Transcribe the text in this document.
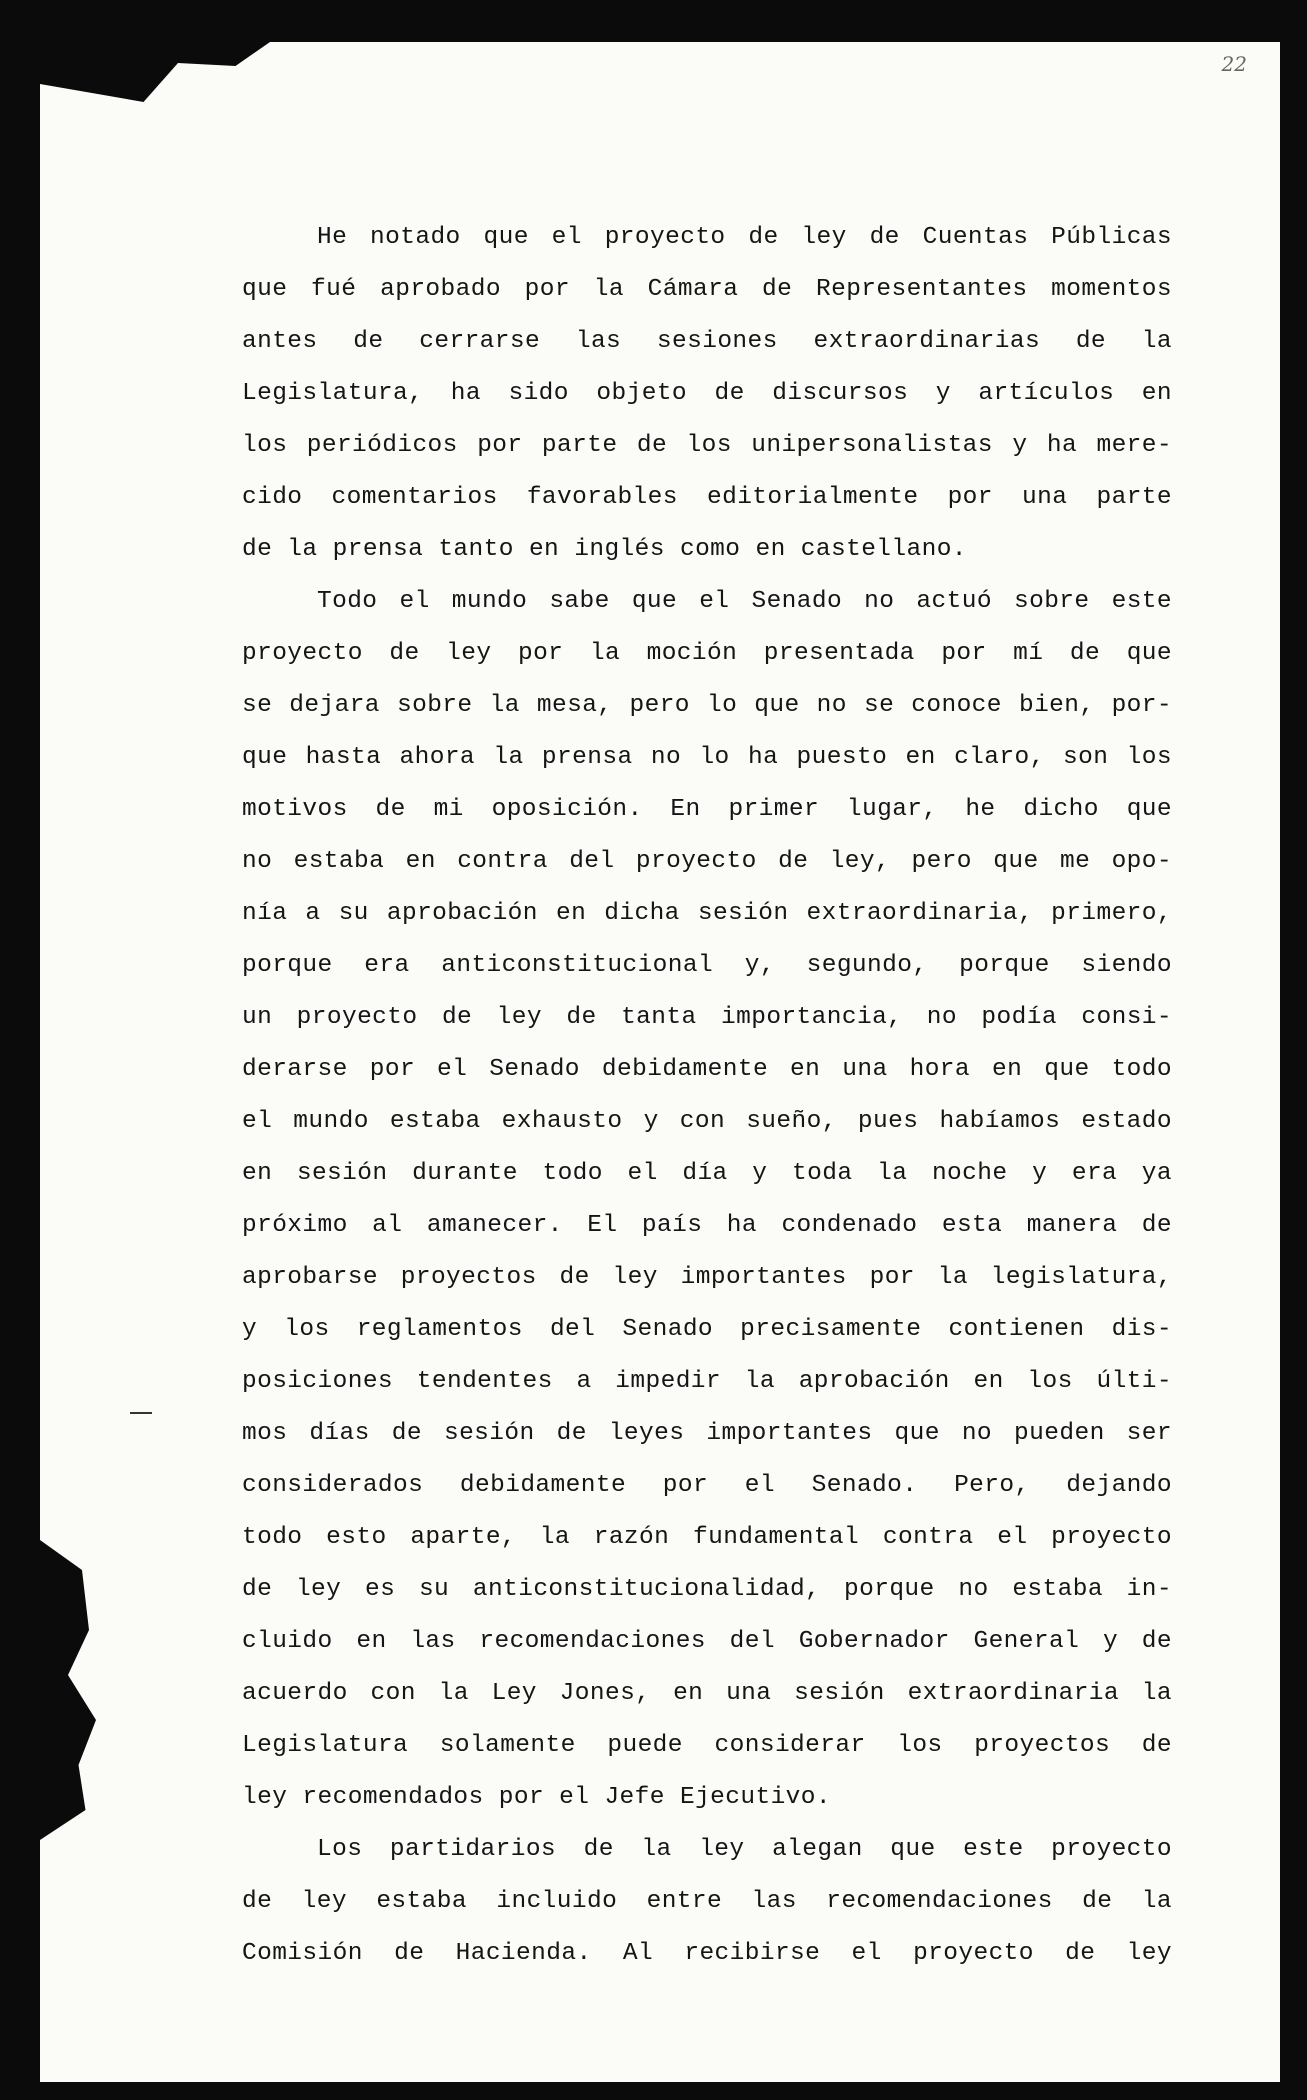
22
He notado que el proyecto de ley de Cuentas Públicas
que fué aprobado por la Cámara de Representantes momentos
antes de cerrarse las sesiones extraordinarias de la
Legislatura, ha sido objeto de discursos y artículos en
los periódicos por parte de los unipersonalistas y ha mere-
cido comentarios favorables editorialmente por una parte
de la prensa tanto en inglés como en castellano.
Todo el mundo sabe que el Senado no actuó sobre este
proyecto de ley por la moción presentada por mí de que
se dejara sobre la mesa, pero lo que no se conoce bien, por-
que hasta ahora la prensa no lo ha puesto en claro, son los
motivos de mi oposición. En primer lugar, he dicho que
no estaba en contra del proyecto de ley, pero que me opo-
nía a su aprobación en dicha sesión extraordinaria, primero,
porque era anticonstitucional y, segundo, porque siendo
un proyecto de ley de tanta importancia, no podía consi-
derarse por el Senado debidamente en una hora en que todo
el mundo estaba exhausto y con sueño, pues habíamos estado
en sesión durante todo el día y toda la noche y era ya
próximo al amanecer. El país ha condenado esta manera de
aprobarse proyectos de ley importantes por la legislatura,
y los reglamentos del Senado precisamente contienen dis-
posiciones tendentes a impedir la aprobación en los últi-
mos días de sesión de leyes importantes que no pueden ser
considerados debidamente por el Senado. Pero, dejando
todo esto aparte, la razón fundamental contra el proyecto
de ley es su anticonstitucionalidad, porque no estaba in-
cluido en las recomendaciones del Gobernador General y de
acuerdo con la Ley Jones, en una sesión extraordinaria la
Legislatura solamente puede considerar los proyectos de
ley recomendados por el Jefe Ejecutivo.
Los partidarios de la ley alegan que este proyecto
de ley estaba incluido entre las recomendaciones de la
Comisión de Hacienda. Al recibirse el proyecto de ley
